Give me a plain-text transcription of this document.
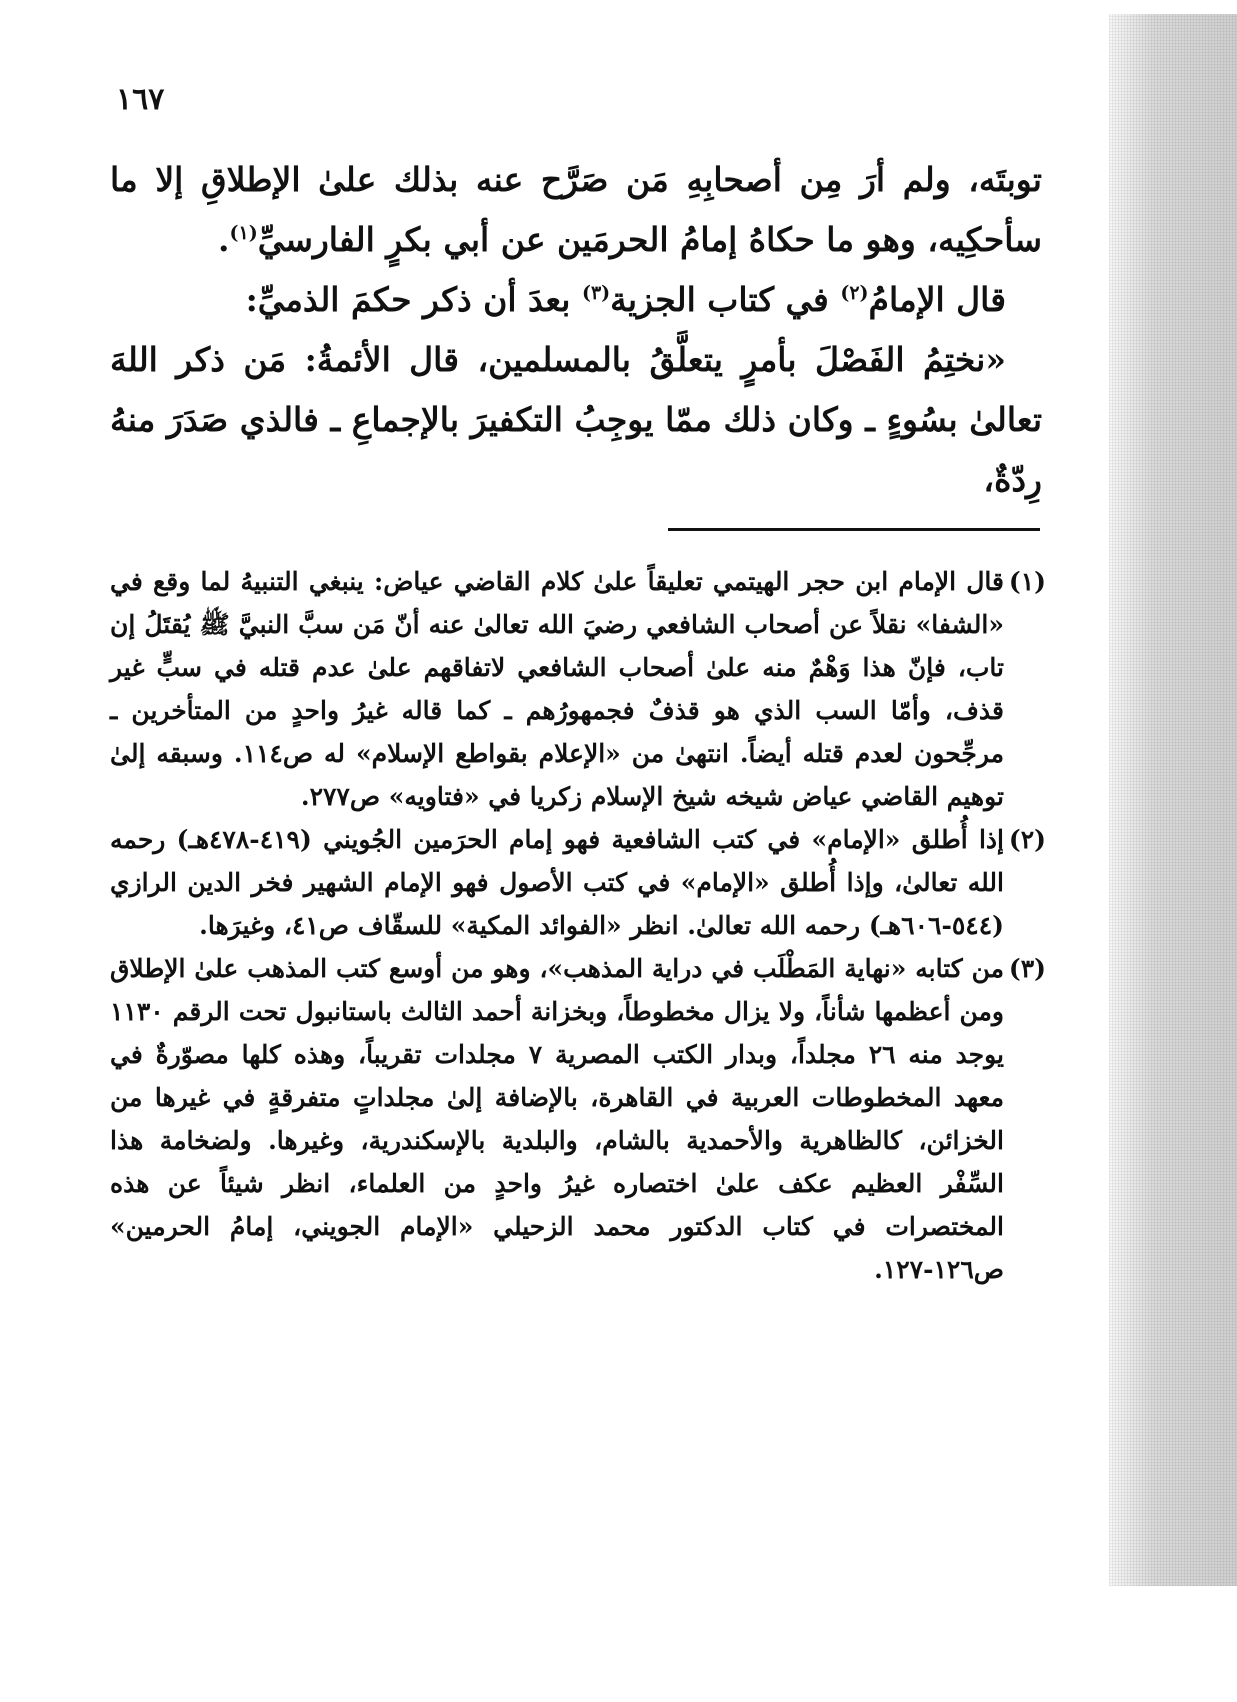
١٦٧

توبتَه، ولم أرَ مِن أصحابِهِ مَن صَرَّح عنه بذلك علىٰ الإطلاقِ إلا ما سأحكِيه، وهو ما حكاهُ إمامُ الحرمَين عن أبي بكرٍ الفارسيِّ$^{(١)}$.

قال الإمامُ$^{(٢)}$ في كتاب الجزية$^{(٣)}$ بعدَ أن ذكر حكمَ الذميِّ:

«نختِمُ الفَصْلَ بأمرٍ يتعلَّقُ بالمسلمين، قال الأئمةُ: مَن ذكر اللهَ تعالىٰ بسُوءٍ ـ وكان ذلك ممّا يوجِبُ التكفيرَ بالإجماعِ ـ فالذي صَدَرَ منهُ رِدّةٌ،

(١)
قال الإمام ابن حجر الهيتمي تعليقاً علىٰ كلام القاضي عياض: ينبغي التنبيهُ لما وقع في «الشفا» نقلاً عن أصحاب الشافعي رضيَ الله تعالىٰ عنه أنّ مَن سبَّ النبيَّ ﷺ يُقتَلُ إن تاب، فإنّ هذا وَهْمٌ منه علىٰ أصحاب الشافعي لاتفاقهم علىٰ عدم قتله في سبٍّ غير قذف، وأمّا السب الذي هو قذفٌ فجمهورُهم ـ كما قاله غيرُ واحدٍ من المتأخرين ـ مرجِّحون لعدم قتله أيضاً. انتهىٰ من «الإعلام بقواطع الإسلام» له ص١١٤. وسبقه إلىٰ توهيم القاضي عياض شيخه شيخ الإسلام زكريا في «فتاويه» ص٢٧٧.
(٢)
إذا أُطلق «الإمام» في كتب الشافعية فهو إمام الحرَمين الجُويني (٤١٩-٤٧٨هـ) رحمه الله تعالىٰ، وإذا أُطلق «الإمام» في كتب الأصول فهو الإمام الشهير فخر الدين الرازي (٥٤٤-٦٠٦هـ) رحمه الله تعالىٰ. انظر «الفوائد المكية» للسقّاف ص٤١، وغيرَها.
(٣)
من كتابه «نهاية المَطْلَب في دراية المذهب»، وهو من أوسع كتب المذهب علىٰ الإطلاق ومن أعظمها شأناً، ولا يزال مخطوطاً، وبخزانة أحمد الثالث باستانبول تحت الرقم ١١٣٠ يوجد منه ٢٦ مجلداً، وبدار الكتب المصرية ٧ مجلدات تقريباً، وهذه كلها مصوّرةٌ في معهد المخطوطات العربية في القاهرة، بالإضافة إلىٰ مجلداتٍ متفرقةٍ في غيرها من الخزائن، كالظاهرية والأحمدية بالشام، والبلدية بالإسكندرية، وغيرها. ولضخامة هذا السِّفْر العظيم عكف علىٰ اختصاره غيرُ واحدٍ من العلماء، انظر شيئاً عن هذه المختصرات في كتاب الدكتور محمد الزحيلي «الإمام الجويني، إمامُ الحرمين» ص١٢٦-١٢٧.
